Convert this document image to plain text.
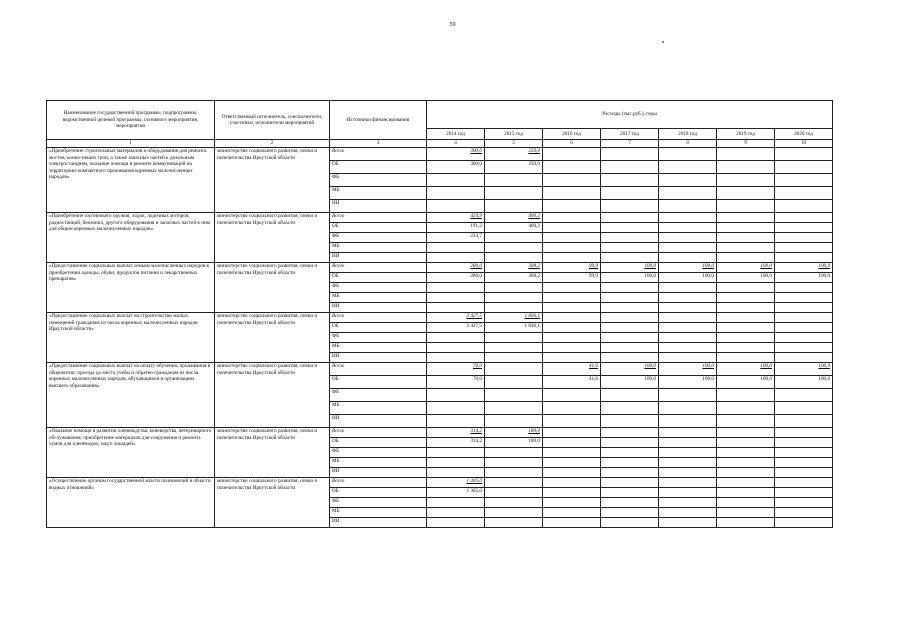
59
Наименование государственной программы, подпрограммы, ведомственной целевой программы, основного мероприятия, мероприятия	Ответственный исполнитель, соисполнители, участники, исполнители мероприятий	Источники финансирования	Расходы (тыс.руб.), годы						
			2014 год	2015 год	2016 год	2017 год	2018 год	2019 год	2020 год
1	2	3	4	5	6	7	8	9	10
«Приобретение строительных материалов и оборудования для ремонта мостов, конно-пеших троп, а также запасных частей к дизельным электростанциям, оказание помощи в ремонте коммуникаций на территориях компактного проживания коренных малочисленных народов»	министерство социального развития, опеки и попечительства Иркутской области	Всего	300,0	250,0					
		ОБ	300,0	250,0					
		ФБ							
		МБ							
		ИИ							
«Приобретение охотничьего оружия, лодок, лодочных моторов, радиостанций, бензопил, другого оборудования и запасных частей к ним для общин коренных малочисленных народов»	министерство социального развития, опеки и попечительства Иркутской области	Всего	424,9	400,2					
		ОБ	191,2	400,2					
		ФБ	233,7						
		МБ							
		ИИ							
«Предоставление социальных выплат семьям малочисленных народов в приобретении одежды, обуви, продуктов питания и лекарственных препаратов»	министерство социального развития, опеки и попечительства Иркутской области	Всего	280,0	308,2	99,9	100,0	100,0	100,0	100,0
		ОБ	280,0	308,2	99,9	100,0	100,0	100,0	100,0
		ФБ							
		МБ							
		ИИ							
«Предоставление социальных выплат на строительство жилых помещений гражданам из числа коренных малочисленных народов Иркутской области»	министерство социального развития, опеки и попечительства Иркутской области	Всего	3 427,5	1 836,1					
		ОБ	3 427,5	1 836,1					
		ФБ							
		МБ							
		ИИ							
«Предоставление социальных выплат на оплату обучения, проживания в общежитии, проезда до места учебы и обратно гражданам из числа коренных малочисленных народов, обучающимся в организациях высшего образования»	министерство социального развития, опеки и попечительства Иркутской области	Всего	70,0		41,6	100,0	100,0	100,0	100,0
		ОБ	70,0		41,6	100,0	100,0	100,0	100,0
		ФБ							
		МБ							
		ИИ							
«Оказание помощи в развитии оленеводства, коневодства, ветеринарного обслуживания, приобретение материалов для сооружения и ремонта чумов для оленеводов, закуп лошадей»	министерство социального развития, опеки и попечительства Иркутской области	Всего	314,2	180,0					
		ОБ	314,2	180,0					
		ФБ							
		МБ							
		ИИ							
«Осуществление органом государственной власти полномочий в области водных отношений»	министерство социального развития, опеки и попечительства Иркутской области	Всего	1 305,0						
		ОБ	1 305,0						
		ФБ							
		МБ							
		ИИ							
